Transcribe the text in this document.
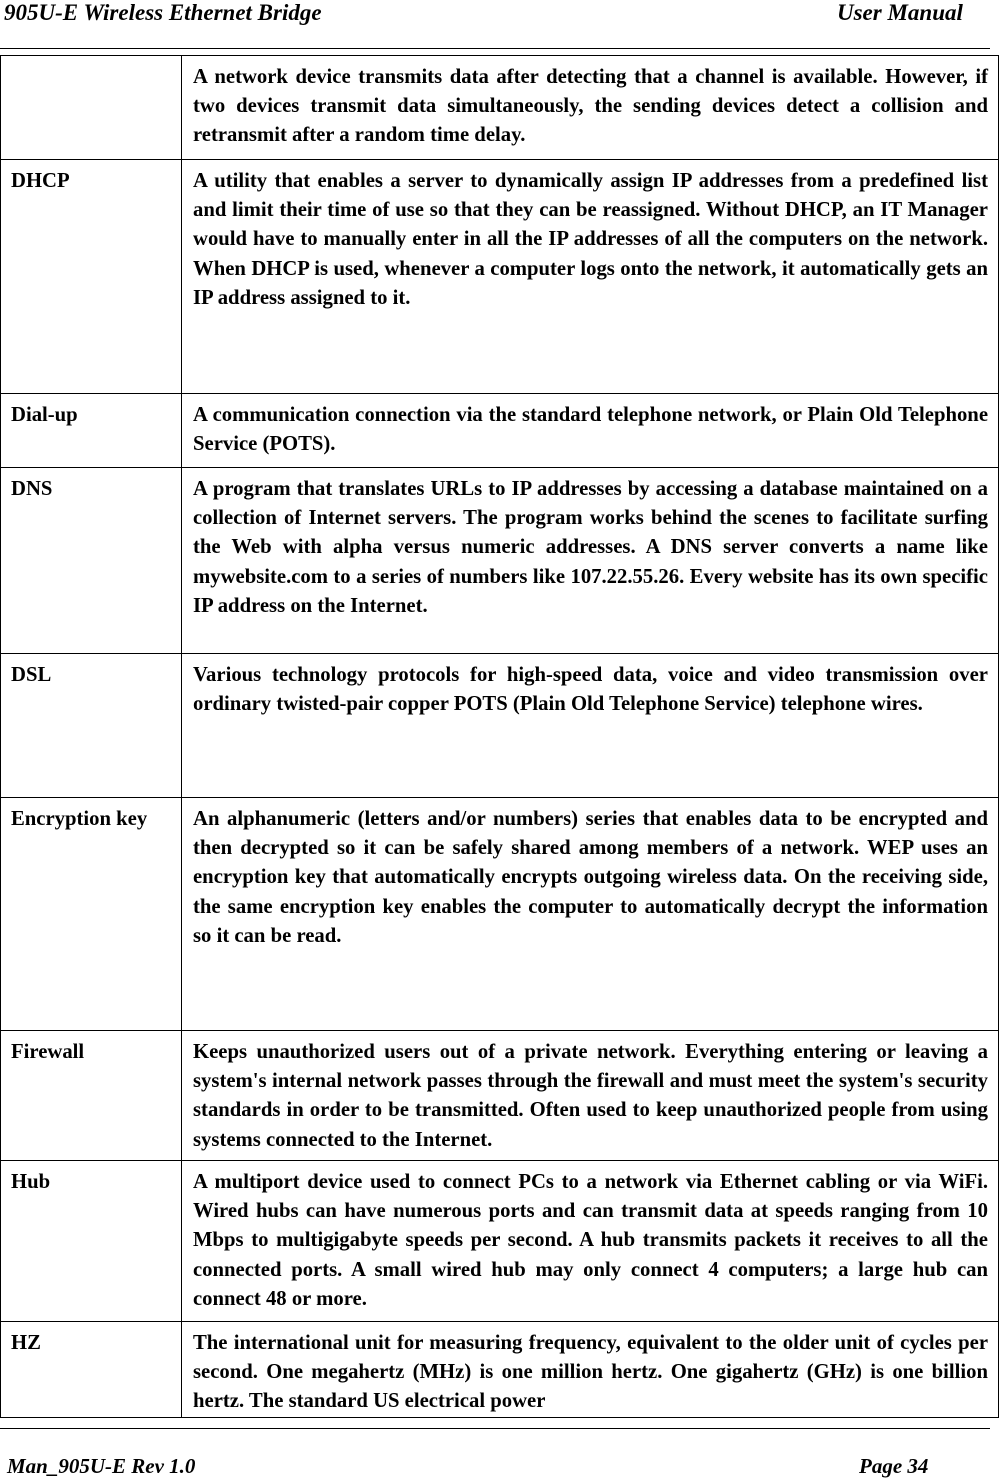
905U-E Wireless Ethernet Bridge	User Manual
	A network device transmits data after detecting that a channel is available. However, if two devices transmit data simultaneously, the sending devices detect a collision and retransmit after a random time delay.
DHCP	A utility that enables a server to dynamically assign IP addresses from a predefined list and limit their time of use so that they can be reassigned. Without DHCP, an IT Manager would have to manually enter in all the IP addresses of all the computers on the network. When DHCP is used, whenever a computer logs onto the network, it automatically gets an IP address assigned to it.
Dial-up	A communication connection via the standard telephone network, or Plain Old Telephone Service (POTS).
DNS	A program that translates URLs to IP addresses by accessing a database maintained on a collection of Internet servers. The program works behind the scenes to facilitate surfing the Web with alpha versus numeric addresses. A DNS server converts a name like mywebsite.com to a series of numbers like 107.22.55.26. Every website has its own specific IP address on the Internet.
DSL	Various technology protocols for high-speed data, voice and video transmission over ordinary twisted-pair copper POTS (Plain Old Telephone Service) telephone wires.
Encryption key	An alphanumeric (letters and/or numbers) series that enables data to be encrypted and then decrypted so it can be safely shared among members of a network. WEP uses an encryption key that automatically encrypts outgoing wireless data. On the receiving side, the same encryption key enables the computer to automatically decrypt the information so it can be read.
Firewall	Keeps unauthorized users out of a private network. Everything entering or leaving a system's internal network passes through the firewall and must meet the system's security standards in order to be transmitted. Often used to keep unauthorized people from using systems connected to the Internet.
Hub	A multiport device used to connect PCs to a network via Ethernet cabling or via WiFi. Wired hubs can have numerous ports and can transmit data at speeds ranging from 10 Mbps to multigigabyte speeds per second. A hub transmits packets it receives to all the connected ports. A small wired hub may only connect 4 computers; a large hub can connect 48 or more.
HZ	The international unit for measuring frequency, equivalent to the older unit of cycles per second. One megahertz (MHz) is one million hertz. One gigahertz (GHz) is one billion hertz. The standard US electrical power
Man_905U-E Rev 1.0	Page 34
